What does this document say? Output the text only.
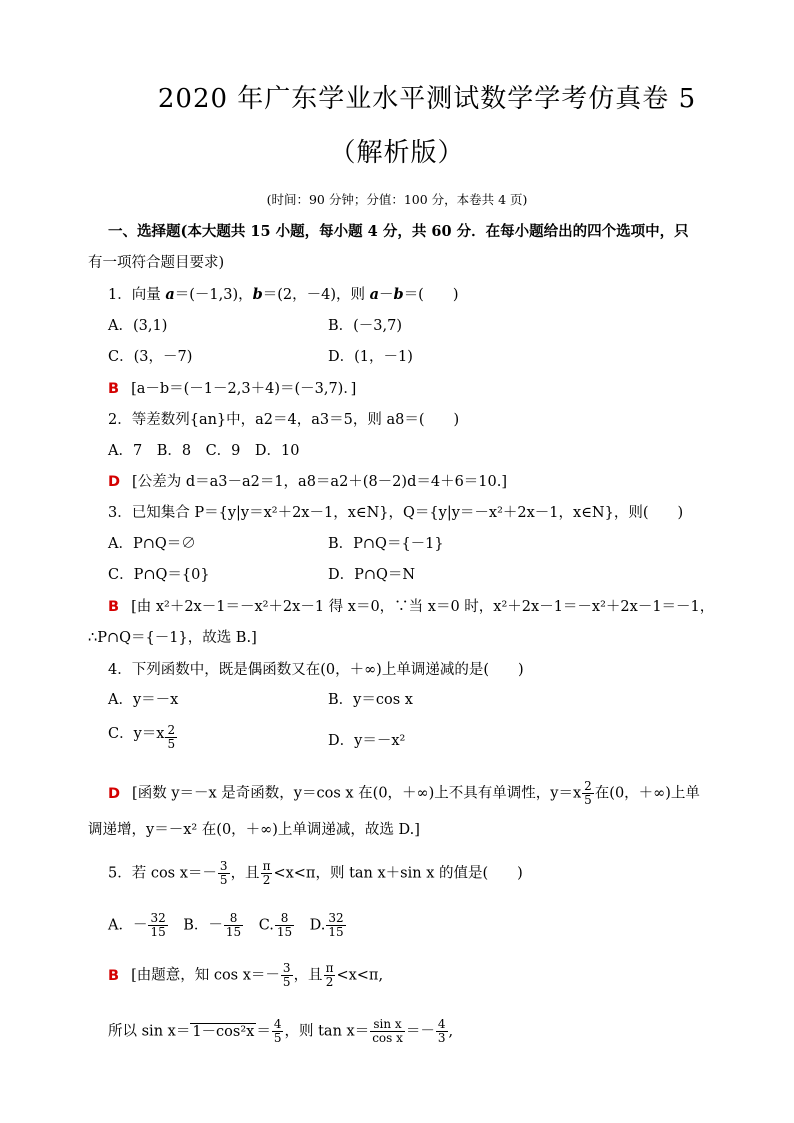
2020 年广东学业水平测试数学学考仿真卷 5
（解析版）
(时间：90 分钟；分值：100 分，本卷共 4 页)
一、选择题(本大题共 15 小题，每小题 4 分，共 60 分．在每小题给出的四个选项中，只
有一项符合题目要求)
1．向量 a＝(－1,3)，b＝(2，－4)，则 a－b＝(　　)
A．(3,1)	B．(－3,7)
C．(3，－7)	D．(1，－1)
B [a－b＝(－1－2,3＋4)＝(－3,7)．]
2．等差数列{an}中，a2＝4，a3＝5，则 a8＝(　　)
A．7　B．8　C．9　D．10
D [公差为 d＝a3－a2＝1，a8＝a2＋(8－2)d＝4＋6＝10.]
3．已知集合 P＝{y|y＝x²＋2x－1，x∈N}，Q＝{y|y＝－x²＋2x－1，x∈N}，则(　　)
A．P∩Q＝∅	B．P∩Q＝{－1}
C．P∩Q＝{0}	D．P∩Q＝N
B [由 x²＋2x－1＝－x²＋2x－1 得 x＝0，∵当 x＝0 时，x²＋2x－1＝－x²＋2x－1＝－1，
∴P∩Q＝{－1}，故选 B.]
4．下列函数中，既是偶函数又在(0，＋∞)上单调递减的是(　　)
A．y＝－x	B．y＝cos x
C．$y=x \frac{2}{5}$	D．y＝－x²
D [函数 y＝－x 是奇函数，y＝cos x 在(0，＋∞)上不具有单调性，$y=x \frac{2}{5}$ 在(0，＋∞)上单
调递增，y＝－x² 在(0，＋∞)上单调递减，故选 D.]
5．若 $\cos x=- \frac{3}{5}$ ，且 $\frac{\pi}{2} <x<\pi$，则 tan x＋sin x 的值是(　　)
A．－ $\frac{32}{15}$
　 B．－ $\frac{8}{15}$
　 C. $\frac{8}{15}$
　 D. $\frac{32}{15}$
B [由题意，知 $\cos x=- \frac{3}{5}$ ，且 $\frac{\pi}{2} <x<\pi$,
所以 $\sin x= 1-\cos^2x = \frac{4}{5}$ ，则 $\tan x= \frac{\text{sin x}}{\text{cos x}} =- \frac{4}{3}$ ,
